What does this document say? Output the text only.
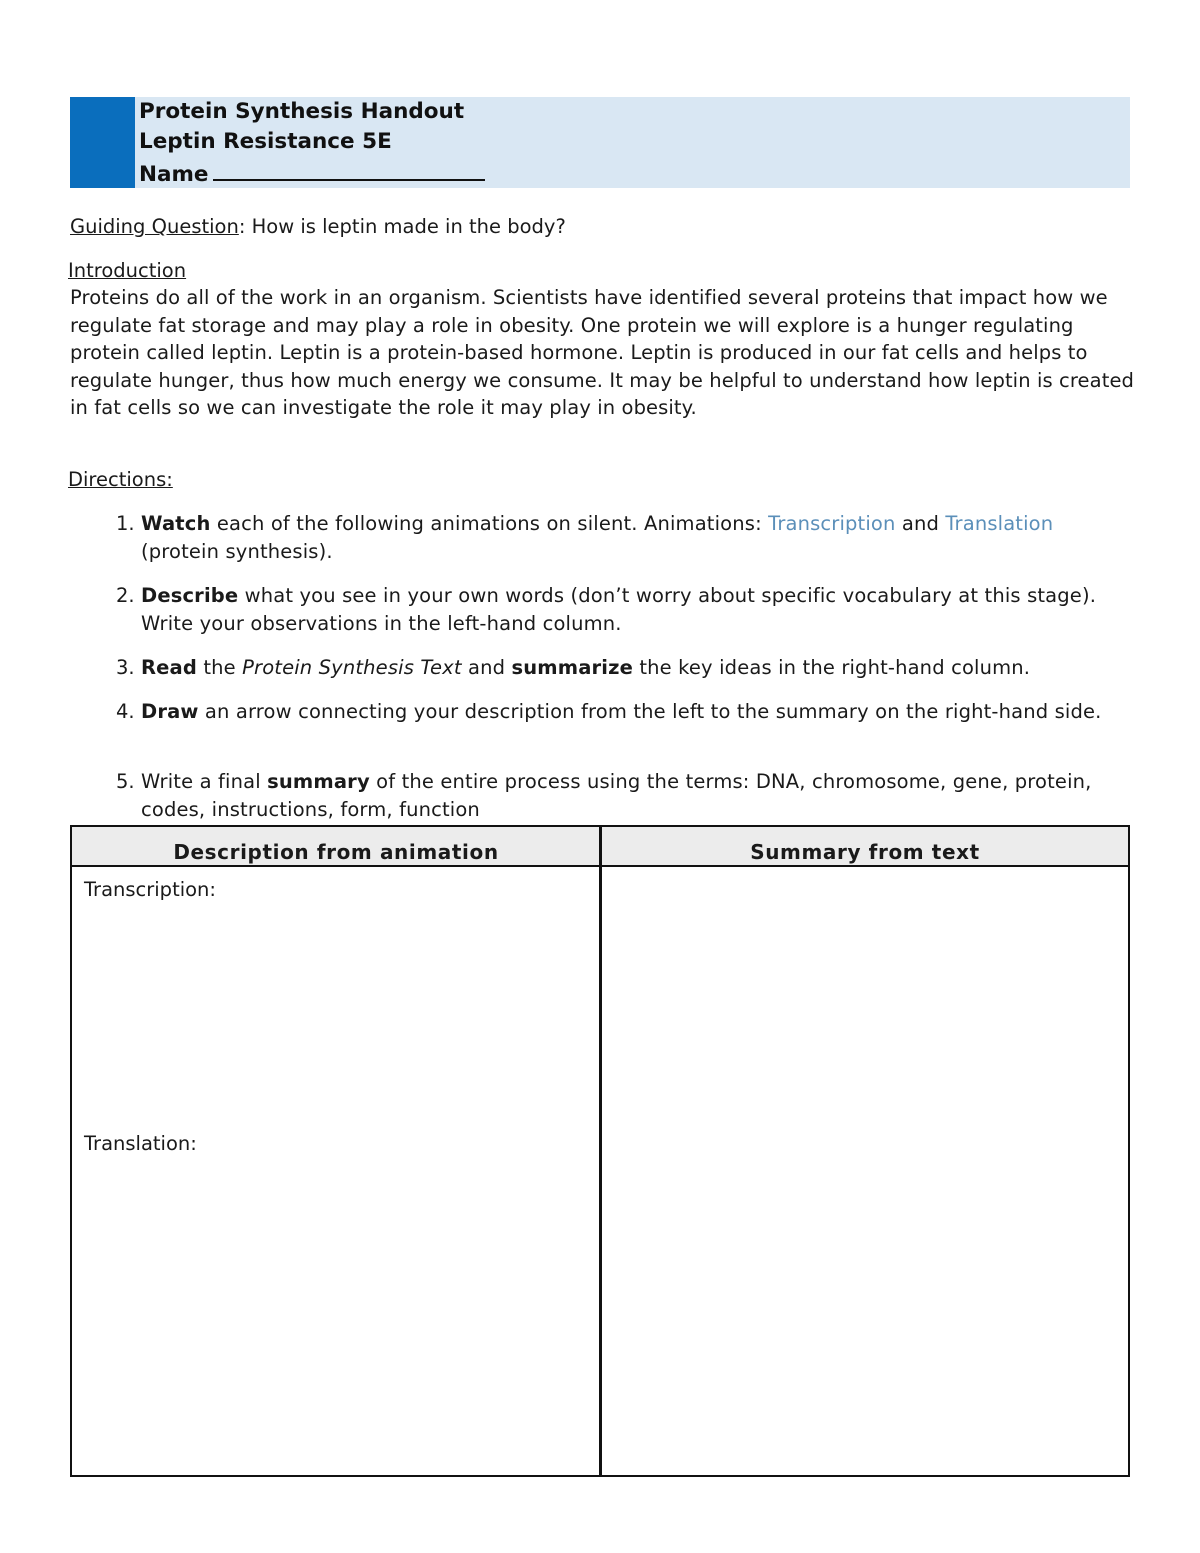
Protein Synthesis Handout
Leptin Resistance 5E
Name
Guiding Question: How is leptin made in the body?
Introduction
Proteins do all of the work in an organism. Scientists have identified several proteins that impact how we regulate fat storage and may play a role in obesity. One protein we will explore is a hunger regulating protein called leptin. Leptin is a protein-based hormone. Leptin is produced in our fat cells and helps to regulate hunger, thus how much energy we consume. It may be helpful to understand how leptin is created in fat cells so we can investigate the role it may play in obesity.
Directions:
1. Watch each of the following animations on silent. Animations: Transcription and Translation (protein synthesis).
2. Describe what you see in your own words (don’t worry about specific vocabulary at this stage). Write your observations in the left-hand column.
3. Read the Protein Synthesis Text and summarize the key ideas in the right-hand column.
4. Draw an arrow connecting your description from the left to the summary on the right-hand side.
5. Write a final summary of the entire process using the terms: DNA, chromosome, gene, protein, codes, instructions, form, function
Description from animation	Summary from text
Transcription:
Translation:
